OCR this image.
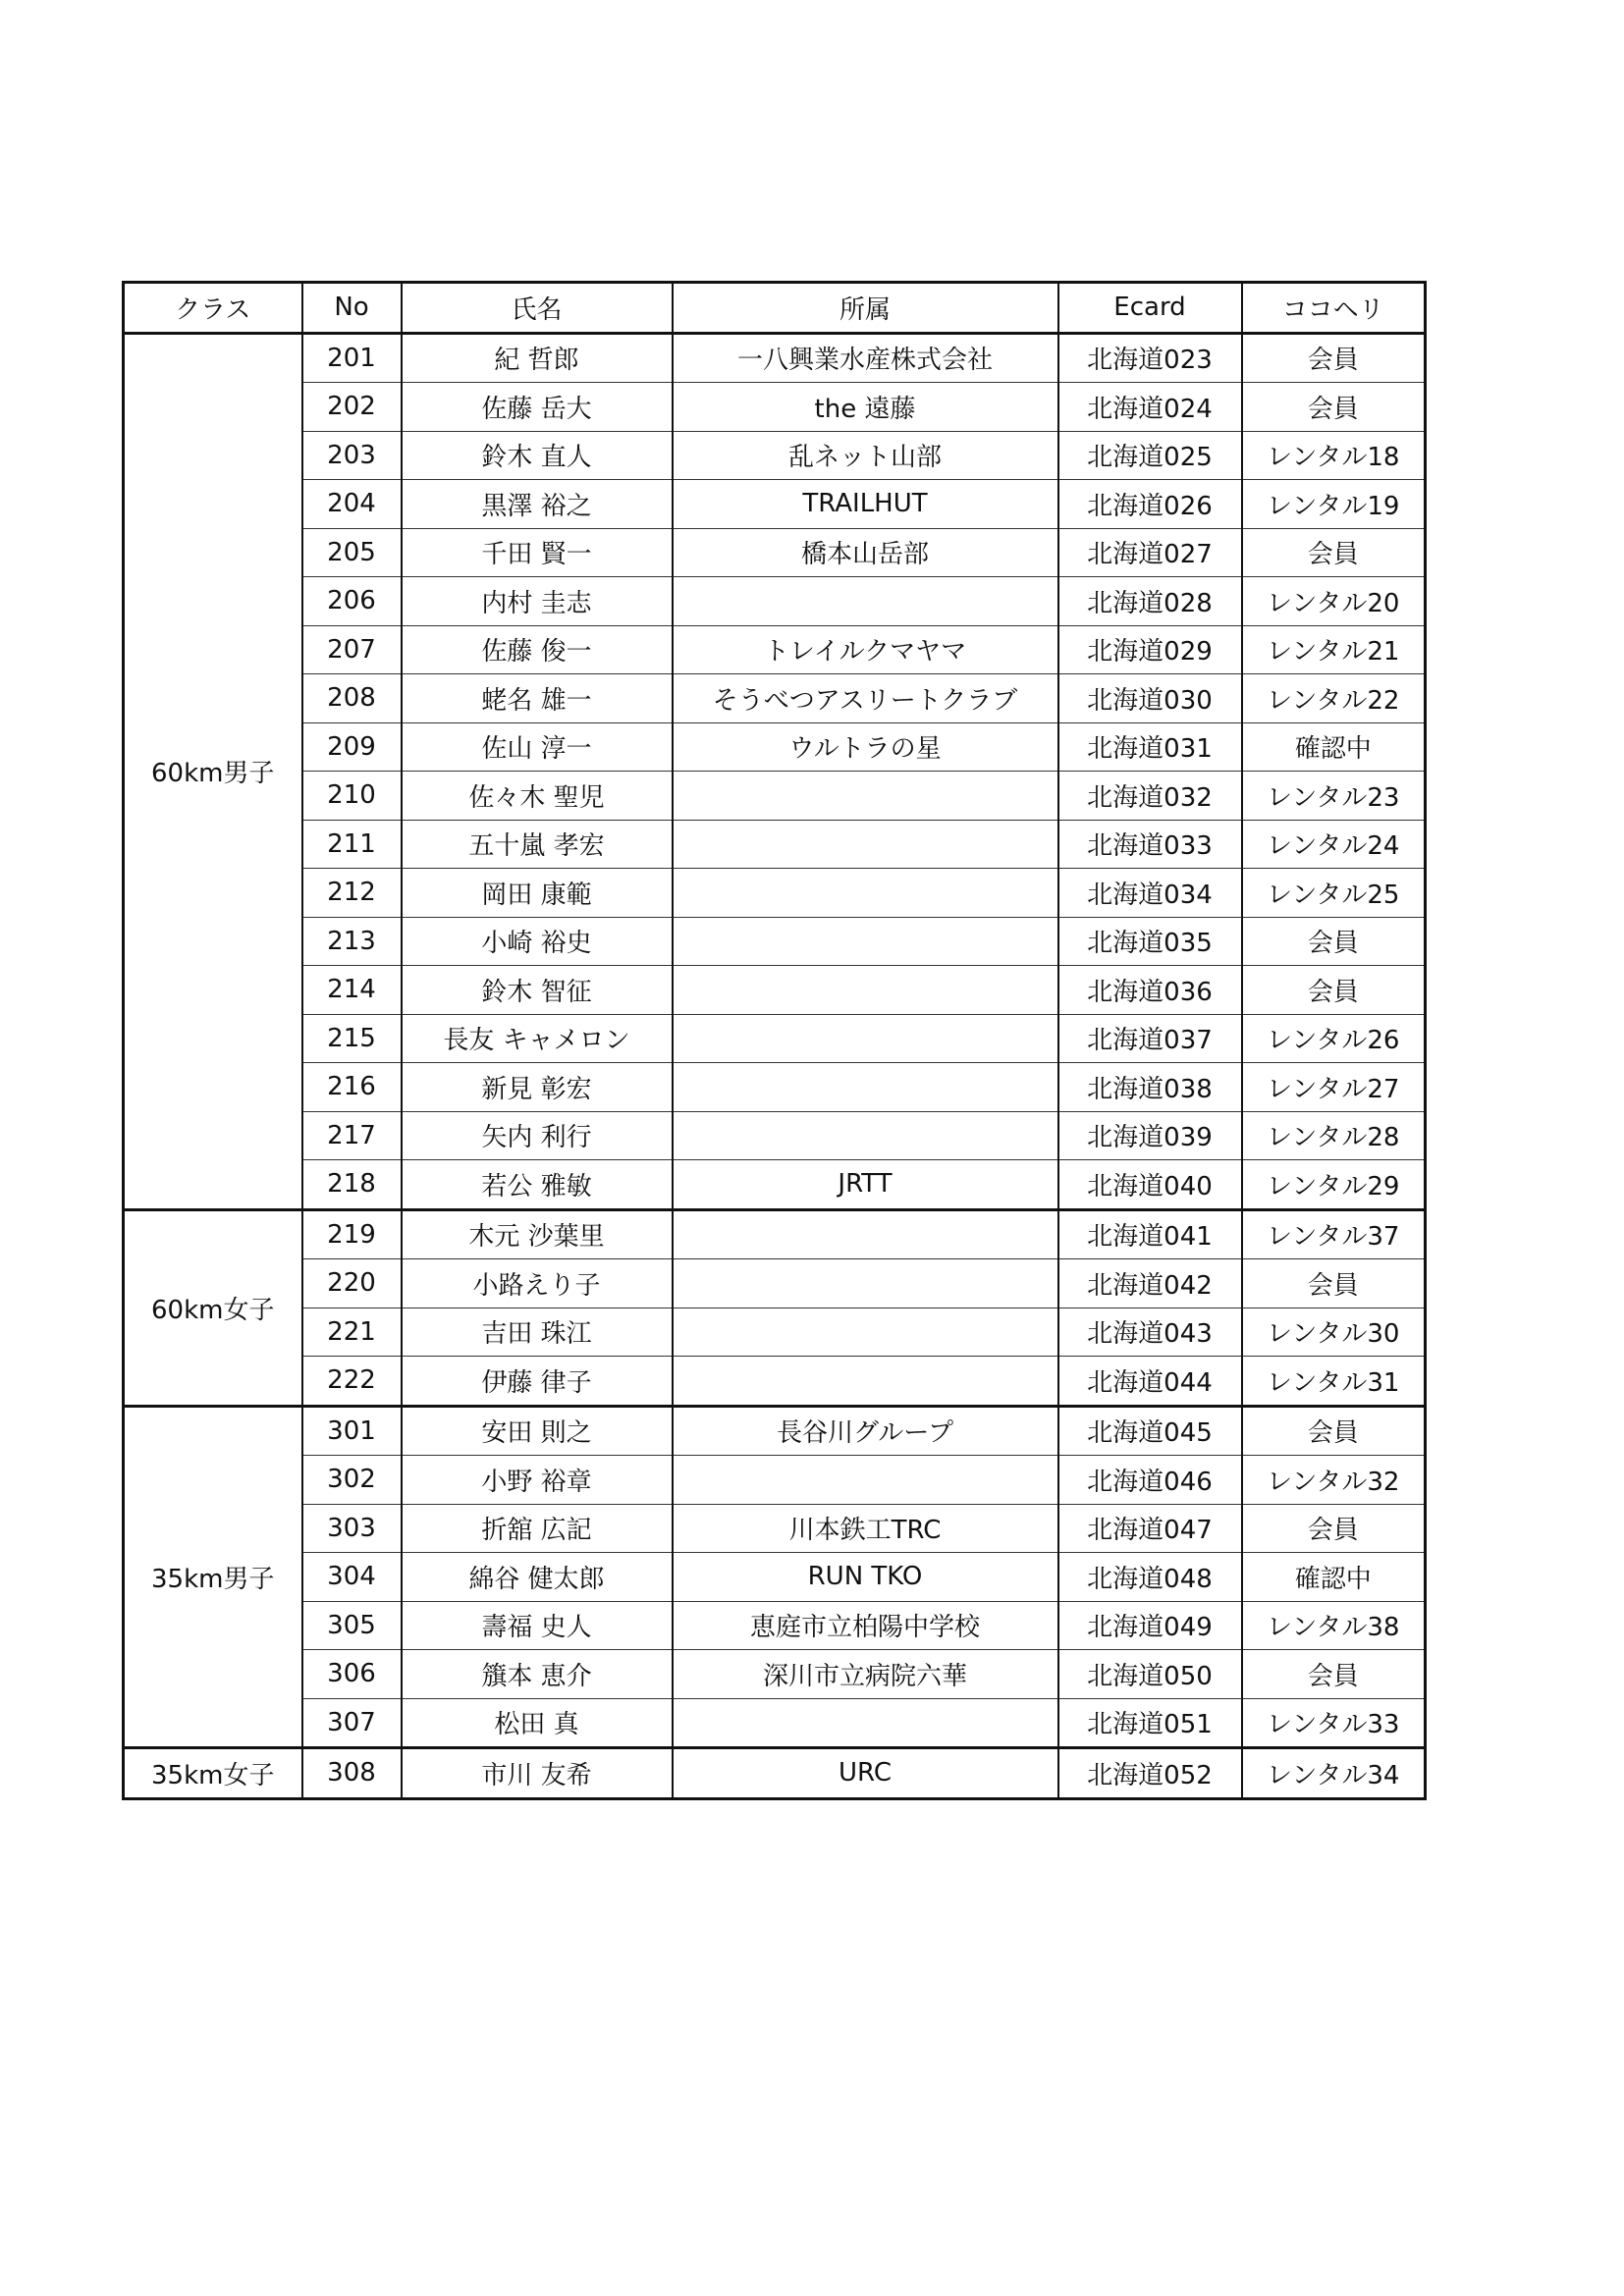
クラス	No	氏名	所属	Ecard	ココヘリ
60km男子	201	紀 哲郎	一八興業水産株式会社	北海道023	会員
	202	佐藤 岳大	the 遠藤	北海道024	会員
	203	鈴木 直人	乱ネット山部	北海道025	レンタル18
	204	黒澤 裕之	TRAILHUT	北海道026	レンタル19
	205	千田 賢一	橋本山岳部	北海道027	会員
	206	内村 圭志		北海道028	レンタル20
	207	佐藤 俊一	トレイルクマヤマ	北海道029	レンタル21
	208	蛯名 雄一	そうべつアスリートクラブ	北海道030	レンタル22
	209	佐山 淳一	ウルトラの星	北海道031	確認中
	210	佐々木 聖児		北海道032	レンタル23
	211	五十嵐 孝宏		北海道033	レンタル24
	212	岡田 康範		北海道034	レンタル25
	213	小崎 裕史		北海道035	会員
	214	鈴木 智征		北海道036	会員
	215	長友 キャメロン		北海道037	レンタル26
	216	新見 彰宏		北海道038	レンタル27
	217	矢内 利行		北海道039	レンタル28
	218	若公 雅敏	JRTT	北海道040	レンタル29
60km女子	219	木元 沙葉里		北海道041	レンタル37
	220	小路えり子		北海道042	会員
	221	吉田 珠江		北海道043	レンタル30
	222	伊藤 律子		北海道044	レンタル31
35km男子	301	安田 則之	長谷川グループ	北海道045	会員
	302	小野 裕章		北海道046	レンタル32
	303	折舘 広記	川本鉄工TRC	北海道047	会員
	304	綿谷 健太郎	RUN TKO	北海道048	確認中
	305	壽福 史人	恵庭市立柏陽中学校	北海道049	レンタル38
	306	籏本 恵介	深川市立病院六華	北海道050	会員
	307	松田 真		北海道051	レンタル33
35km女子	308	市川 友希	URC	北海道052	レンタル34
